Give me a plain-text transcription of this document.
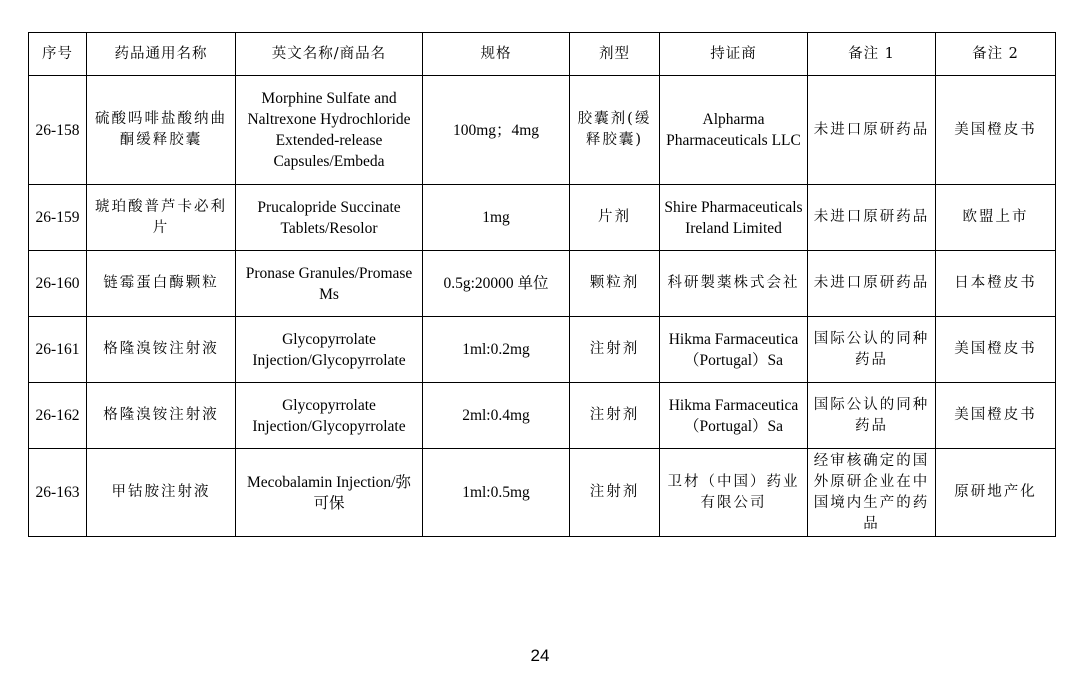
序号	药品通用名称	英文名称/商品名	规格	剂型	持证商	备注 1	备注 2
26-158	硫酸吗啡盐酸纳曲酮缓释胶囊	Morphine Sulfate and Naltrexone Hydrochloride Extended-release Capsules/Embeda	100mg；4mg	胶囊剂(缓释胶囊)	Alpharma Pharmaceuticals LLC	未进口原研药品	美国橙皮书
26-159	琥珀酸普芦卡必利片	Prucalopride Succinate Tablets/Resolor	1mg	片剂	Shire Pharmaceuticals Ireland Limited	未进口原研药品	欧盟上市
26-160	链霉蛋白酶颗粒	Pronase Granules/Promase Ms	0.5g:20000 单位	颗粒剂	科研製薬株式会社	未进口原研药品	日本橙皮书
26-161	格隆溴铵注射液	Glycopyrrolate Injection/Glycopyrrolate	1ml:0.2mg	注射剂	Hikma Farmaceutica（Portugal）Sa	国际公认的同种药品	美国橙皮书
26-162	格隆溴铵注射液	Glycopyrrolate Injection/Glycopyrrolate	2ml:0.4mg	注射剂	Hikma Farmaceutica（Portugal）Sa	国际公认的同种药品	美国橙皮书
26-163	甲钴胺注射液	Mecobalamin Injection/弥可保	1ml:0.5mg	注射剂	卫材（中国）药业有限公司	经审核确定的国外原研企业在中国境内生产的药品	原研地产化
24
